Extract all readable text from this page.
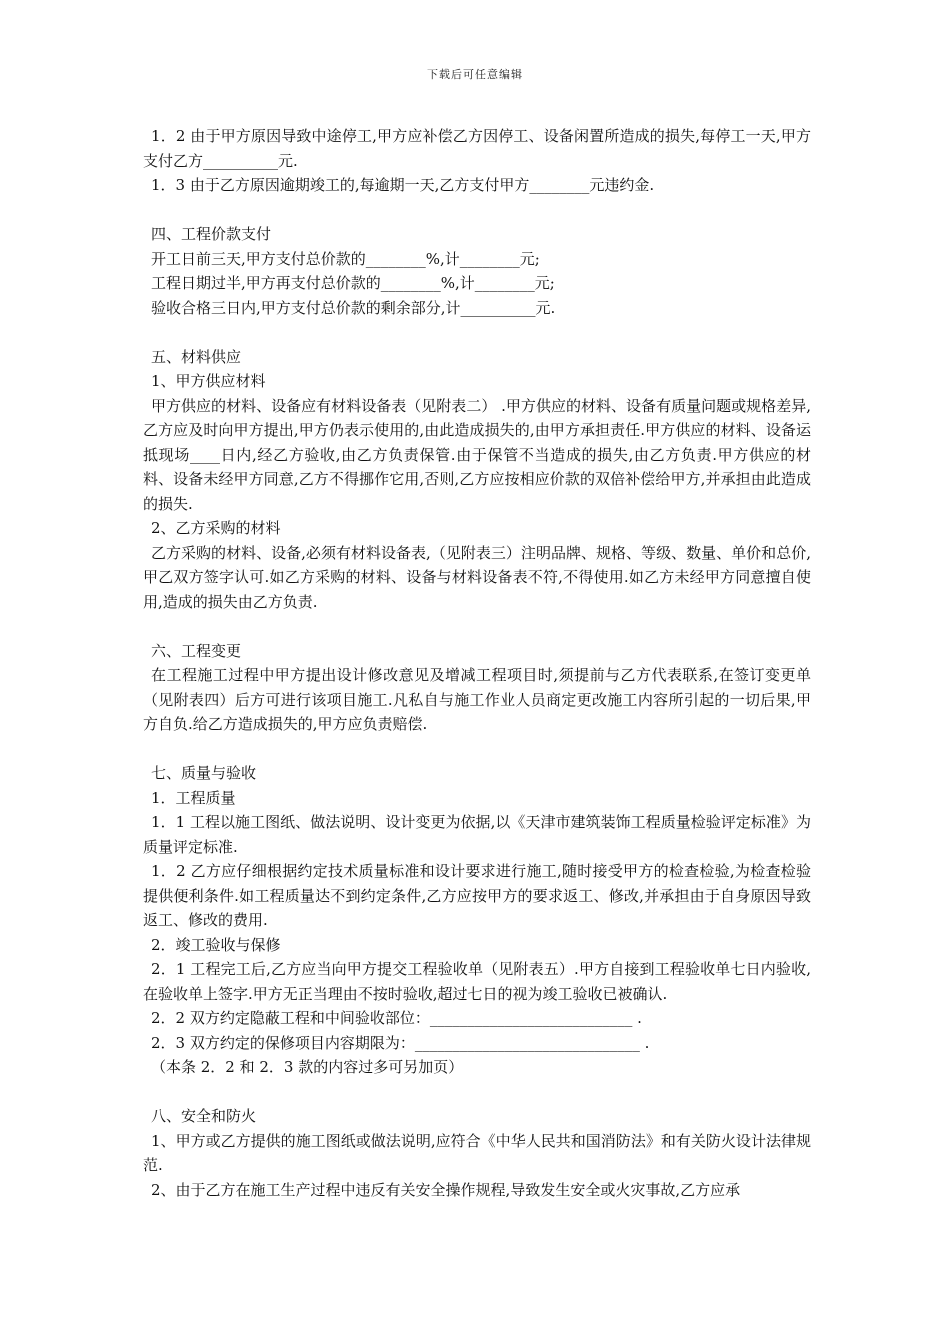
下载后可任意编辑

1．2 由于甲方原因导致中途停工,甲方应补偿乙方因停工、设备闲置所造成的损失,每停工一天,甲方支付乙方__________元.

1．3 由于乙方原因逾期竣工的,每逾期一天,乙方支付甲方________元违约金.

四、工程价款支付

开工日前三天,甲方支付总价款的________%,计________元;

工程日期过半,甲方再支付总价款的________%,计________元;

验收合格三日内,甲方支付总价款的剩余部分,计__________元.

五、材料供应

1、甲方供应材料

甲方供应的材料、设备应有材料设备表（见附表二） .甲方供应的材料、设备有质量问题或规格差异,乙方应及时向甲方提出,甲方仍表示使用的,由此造成损失的,由甲方承担责任.甲方供应的材料、设备运抵现场____日内,经乙方验收,由乙方负责保管.由于保管不当造成的损失,由乙方负责.甲方供应的材料、设备未经甲方同意,乙方不得挪作它用,否则,乙方应按相应价款的双倍补偿给甲方,并承担由此造成的损失.

2、乙方采购的材料

乙方采购的材料、设备,必须有材料设备表,（见附表三）注明品牌、规格、等级、数量、单价和总价,甲乙双方签字认可.如乙方采购的材料、设备与材料设备表不符,不得使用.如乙方未经甲方同意擅自使用,造成的损失由乙方负责.

六、工程变更

在工程施工过程中甲方提出设计修改意见及增减工程项目时,须提前与乙方代表联系,在签订变更单（见附表四）后方可进行该项目施工.凡私自与施工作业人员商定更改施工内容所引起的一切后果,甲方自负.给乙方造成损失的,甲方应负责赔偿.

七、质量与验收

1．工程质量

1．1 工程以施工图纸、做法说明、设计变更为依据,以《天津市建筑装饰工程质量检验评定标准》为质量评定标准.

1．2 乙方应仔细根据约定技术质量标准和设计要求进行施工,随时接受甲方的检查检验,为检查检验提供便利条件.如工程质量达不到约定条件,乙方应按甲方的要求返工、修改,并承担由于自身原因导致返工、修改的费用.

2．竣工验收与保修

2．1 工程完工后,乙方应当向甲方提交工程验收单（见附表五）.甲方自接到工程验收单七日内验收,在验收单上签字.甲方无正当理由不按时验收,超过七日的视为竣工验收已被确认.

2．2 双方约定隐蔽工程和中间验收部位：___________________________ .

2．3 双方约定的保修项目内容期限为：______________________________ .

（本条 2．2 和 2．3 款的内容过多可另加页）

八、安全和防火

1、甲方或乙方提供的施工图纸或做法说明,应符合《中华人民共和国消防法》和有关防火设计法律规范.

2、由于乙方在施工生产过程中违反有关安全操作规程,导致发生安全或火灾事故,乙方应承
